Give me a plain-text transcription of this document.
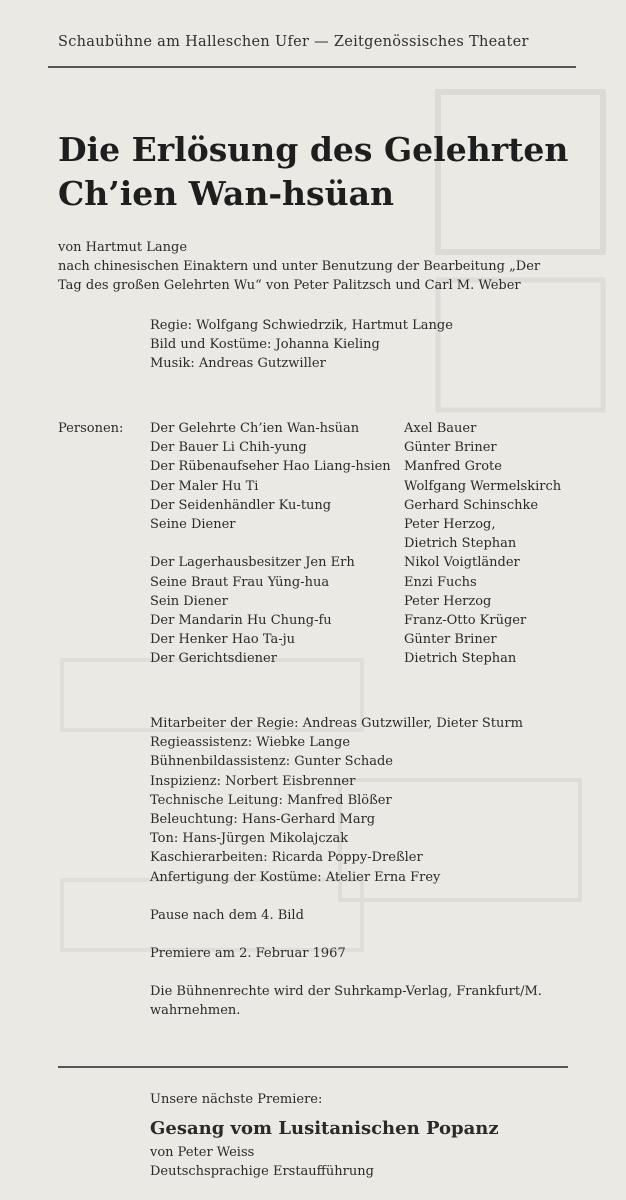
Schaubühne am Halleschen Ufer — Zeitgenössisches Theater
Die Erlösung des Gelehrten
Ch’ien Wan-hsüan
von Hartmut Lange
nach chinesischen Einaktern und unter Benutzung der Bearbeitung „Der
Tag des großen Gelehrten Wu“ von Peter Palitzsch und Carl M. Weber
Regie: Wolfgang Schwiedrzik, Hartmut Lange
Bild und Kostüme: Johanna Kieling
Musik: Andreas Gutzwiller
Personen: Der Gelehrte Ch’ien Wan-hsüan	Axel Bauer
Der Bauer Li Chih-yung	Günter Briner
Der Rübenaufseher Hao Liang-hsien Manfred Grote
Der Maler Hu Ti	Wolfgang Wermelskirch
Der Seidenhändler Ku-tung	Gerhard Schinschke
Seine Diener	Peter Herzog,
Dietrich Stephan
Der Lagerhausbesitzer Jen Erh	Nikol Voigtländer
Seine Braut Frau Yüng-hua	Enzi Fuchs
Sein Diener	Peter Herzog
Der Mandarin Hu Chung-fu	Franz-Otto Krüger
Der Henker Hao Ta-ju	Günter Briner
Der Gerichtsdiener	Dietrich Stephan
Mitarbeiter der Regie: Andreas Gutzwiller, Dieter Sturm
Regieassistenz: Wiebke Lange
Bühnenbildassistenz: Gunter Schade
Inspizienz: Norbert Eisbrenner
Technische Leitung: Manfred Blößer
Beleuchtung: Hans-Gerhard Marg
Ton: Hans-Jürgen Mikolajczak
Kaschierarbeiten: Ricarda Poppy-Dreßler
Anfertigung der Kostüme: Atelier Erna Frey
Pause nach dem 4. Bild
Premiere am 2. Februar 1967
Die Bühnenrechte wird der Suhrkamp-Verlag, Frankfurt/M.
wahrnehmen.
Unsere nächste Premiere:
Gesang vom Lusitanischen Popanz
von Peter Weiss
Deutschsprachige Erstaufführung
